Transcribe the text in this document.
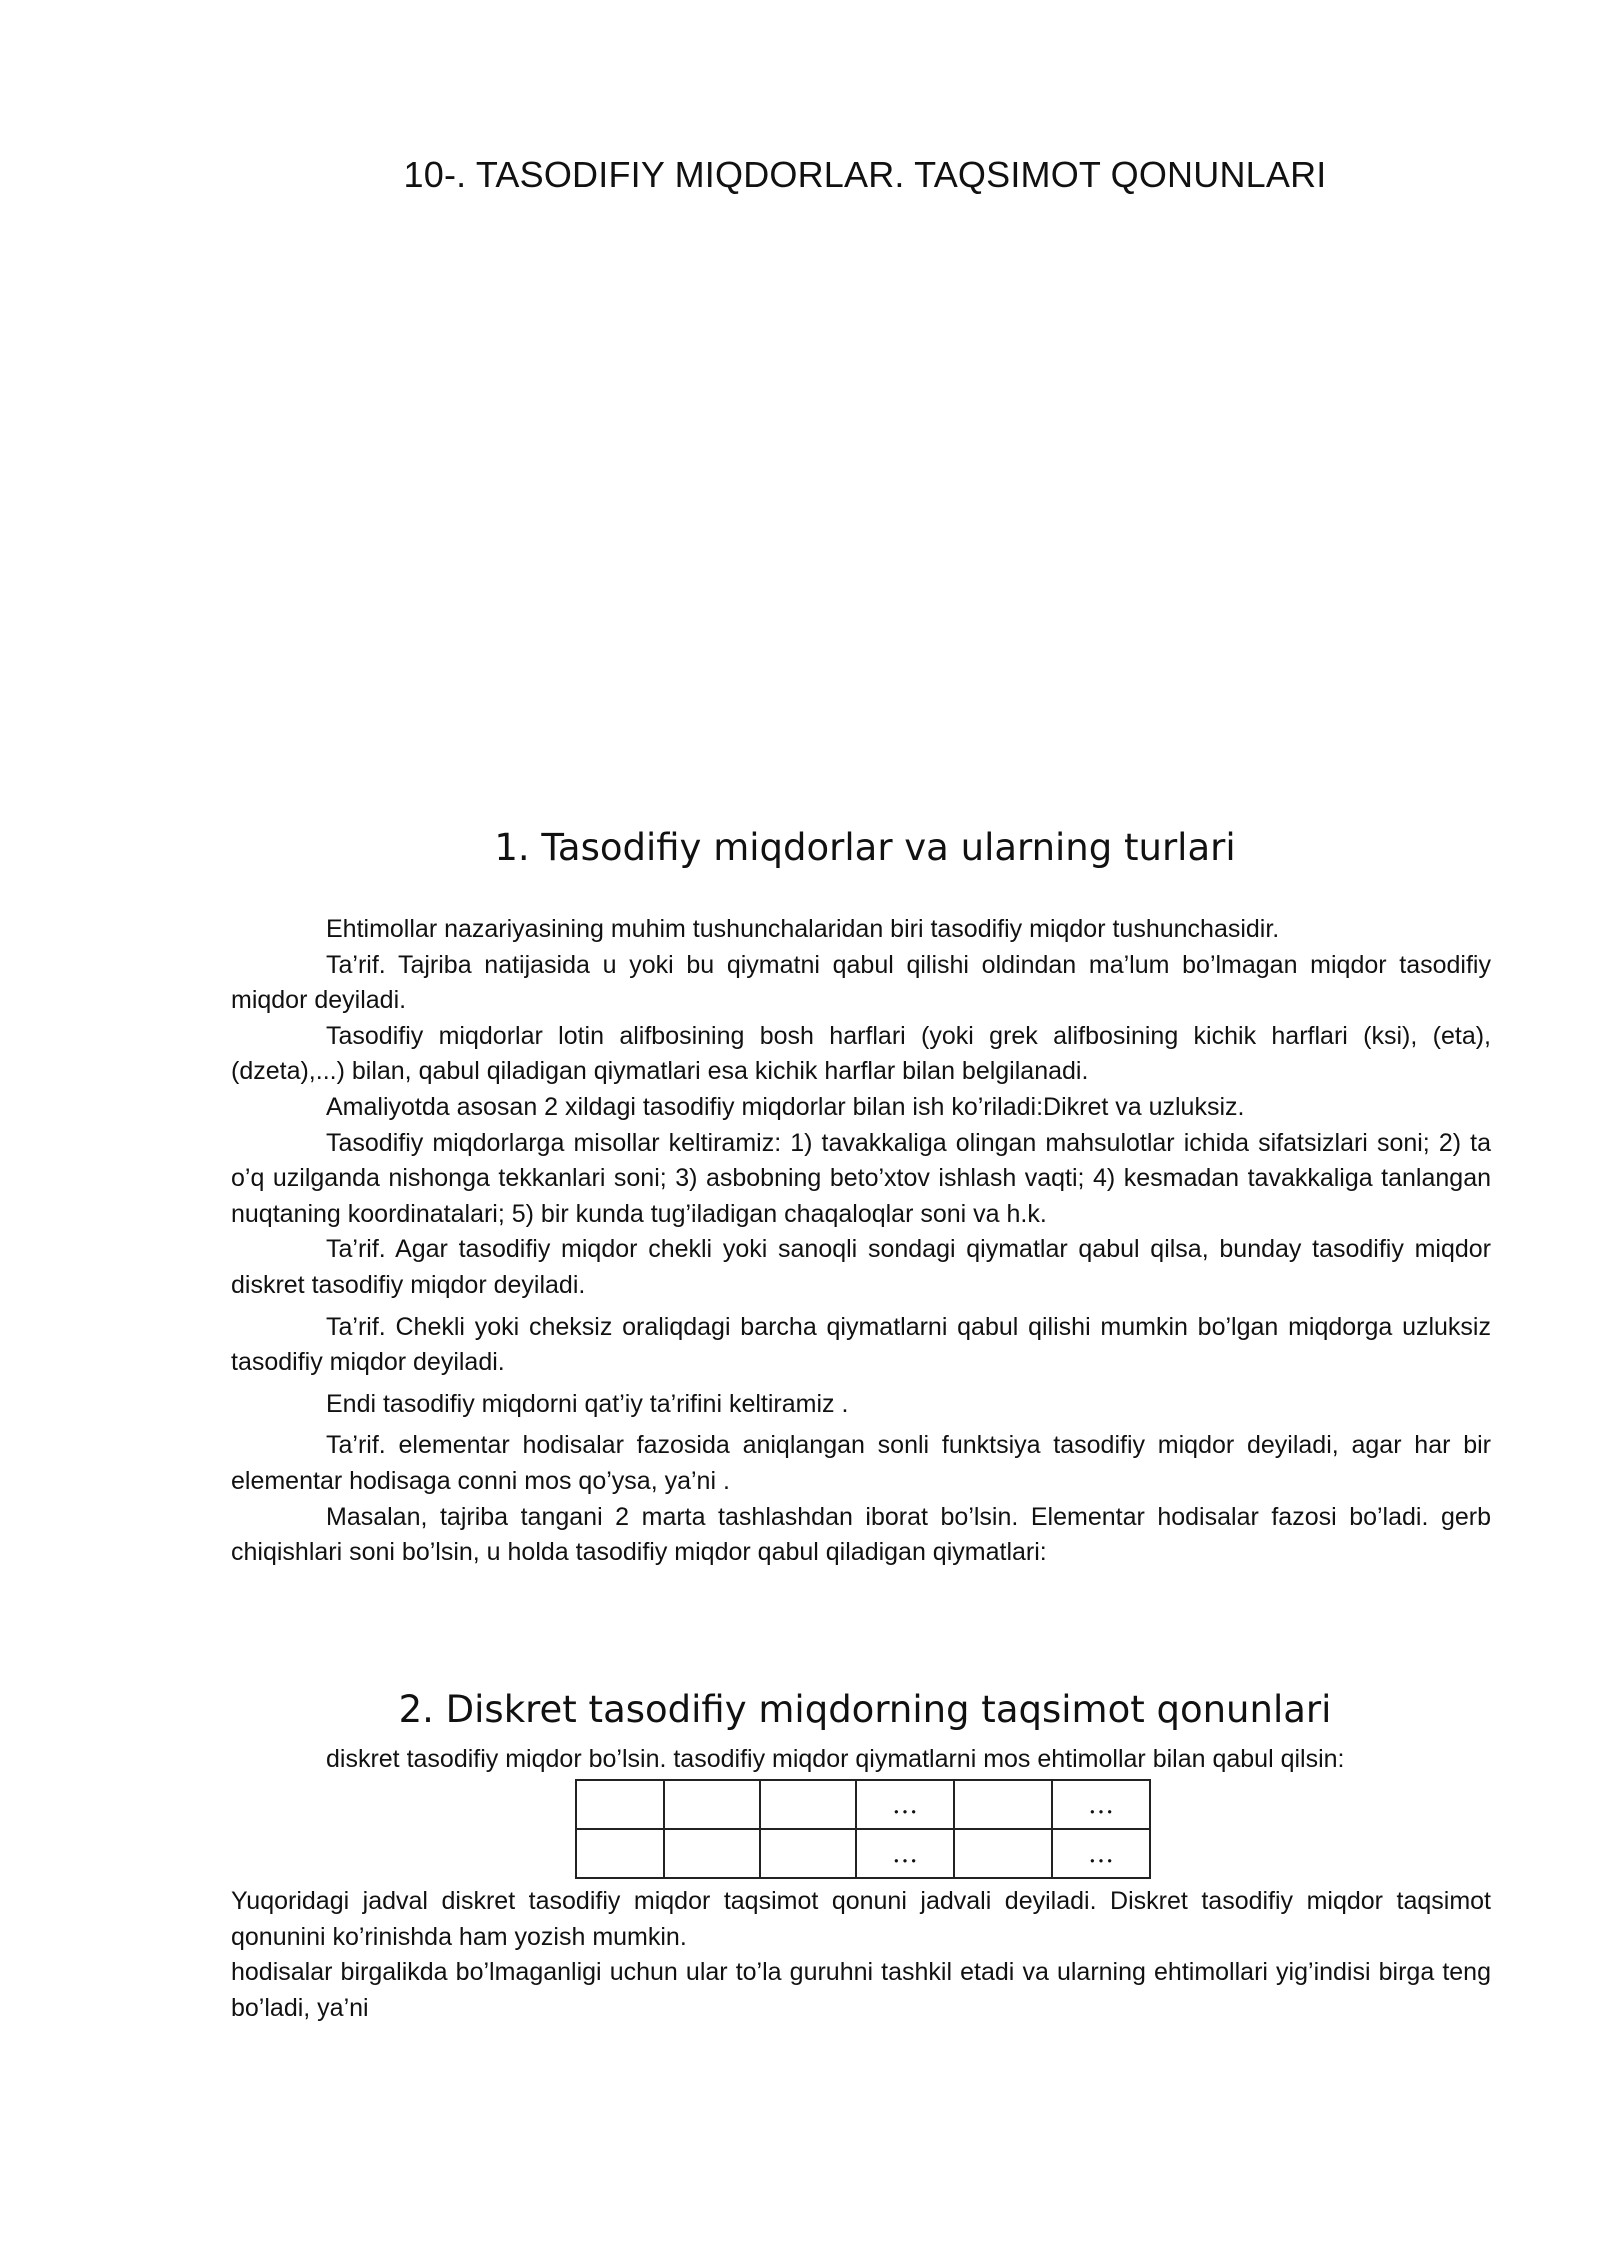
10-. TASODIFIY MIQDORLAR. TAQSIMOT QONUNLARI
1. Tasodifiy miqdorlar va ularning turlari

Ehtimollar nazariyasining muhim tushunchalaridan biri tasodifiy miqdor tushunchasidir.

Ta’rif. Tajriba natijasida u yoki bu qiymatni qabul qilishi oldindan ma’lum bo’lmagan miqdor tasodifiy miqdor deyiladi.

Tasodifiy miqdorlar lotin alifbosining bosh harflari (yoki grek alifbosining kichik harflari (ksi), (eta), (dzeta),...) bilan, qabul qiladigan qiymatlari esa kichik harflar bilan belgilanadi.

Amaliyotda asosan 2 xildagi tasodifiy miqdorlar bilan ish ko’riladi:Dikret va uzluksiz.

Tasodifiy miqdorlarga misollar keltiramiz: 1) tavakkaliga olingan mahsulotlar ichida sifatsizlari soni; 2) ta o’q uzilganda nishonga tekkanlari soni; 3) asbobning beto’xtov ishlash vaqti; 4) kesmadan tavakkaliga tanlangan nuqtaning koordinatalari; 5) bir kunda tug’iladigan chaqaloqlar soni va h.k.

Ta’rif. Agar tasodifiy miqdor chekli yoki sanoqli sondagi qiymatlar qabul qilsa, bunday tasodifiy miqdor diskret tasodifiy miqdor deyiladi.

Ta’rif. Chekli yoki cheksiz oraliqdagi barcha qiymatlarni qabul qilishi mumkin bo’lgan miqdorga uzluksiz tasodifiy miqdor deyiladi.

Endi tasodifiy miqdorni qat’iy ta’rifini keltiramiz .

Ta’rif. elementar hodisalar fazosida aniqlangan sonli funktsiya tasodifiy miqdor deyiladi, agar har bir elementar hodisaga conni mos qo’ysa, ya’ni .

Masalan, tajriba tangani 2 marta tashlashdan iborat bo’lsin. Elementar hodisalar fazosi bo’ladi. gerb chiqishlari soni bo’lsin, u holda tasodifiy miqdor qabul qiladigan qiymatlari:

2. Diskret tasodifiy miqdorning taqsimot qonunlari
diskret tasodifiy miqdor bo’lsin. tasodifiy miqdor qiymatlarni mos ehtimollar bilan qabul qilsin:
			…		…
			…		…

Yuqoridagi jadval diskret tasodifiy miqdor taqsimot qonuni jadvali deyiladi. Diskret tasodifiy miqdor taqsimot qonunini ko’rinishda ham yozish mumkin.

hodisalar birgalikda bo’lmaganligi uchun ular to’la guruhni tashkil etadi va ularning ehtimollari yig’indisi birga teng bo’ladi, ya’ni
